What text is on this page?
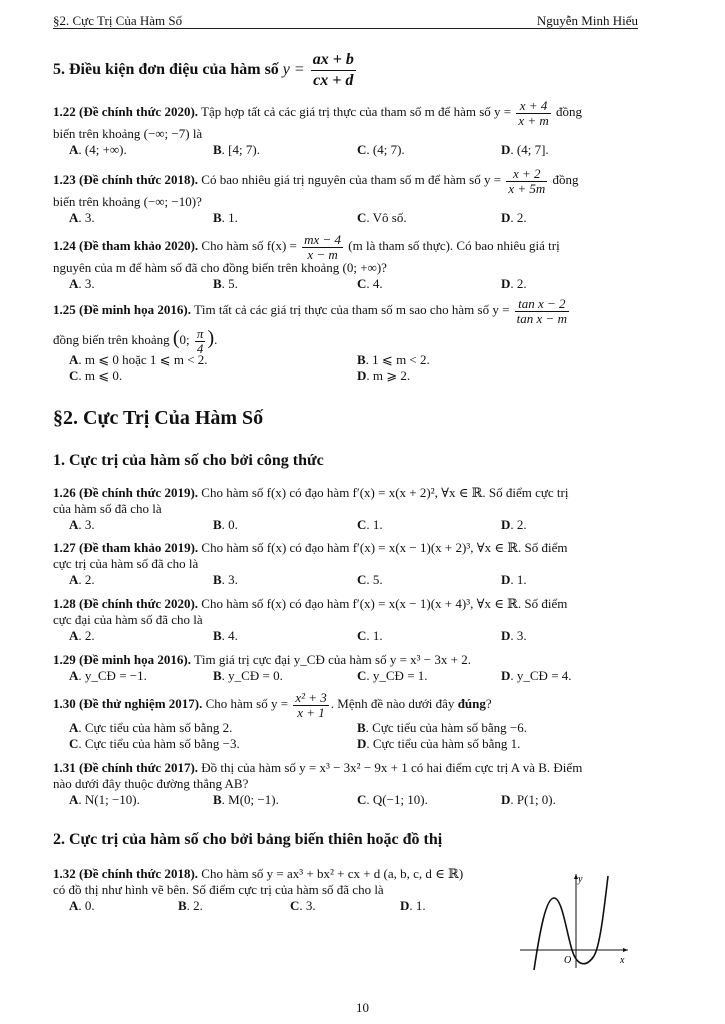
§2. Cực Trị Của Hàm Số	Nguyễn Minh Hiếu
5. Điều kiện đơn điệu của hàm số $y = \frac{ax + b}{cx + d}$
1.22 (Đề chính thức 2020). Tập hợp tất cả các giá trị thực của tham số m để hàm số $y = \frac{x + 4}{x + m}$ đồng
biến trên khoảng (−∞; −7) là
A. (4; +∞).	B. [4; 7).	C. (4; 7).	D. (4; 7].
1.23 (Đề chính thức 2018). Có bao nhiêu giá trị nguyên của tham số m để hàm số $y = \frac{x + 2}{x + 5m}$ đồng
biến trên khoảng (−∞; −10)?
A. 3.	B. 1.	C. Vô số.	D. 2.
1.24 (Đề tham khảo 2020). Cho hàm số $f(x) = \frac{mx - 4}{x - m} (m$ là tham số thực). Có bao nhiêu giá trị
nguyên của m để hàm số đã cho đồng biến trên khoảng (0; +∞)?
A. 3.	B. 5.	C. 4.	D. 2.
1.25 (Đề minh họa 2016). Tìm tất cả các giá trị thực của tham số m sao cho hàm số $y = \frac{\text{tan x − 2}}{\text{tan x − m}}$
đồng biến trên khoảng (0; $\frac{\pi}{4}$ ).
A. m ⩽ 0 hoặc 1 ⩽ m < 2.	B. 1 ⩽ m < 2.
C. m ⩽ 0.	D. m ⩾ 2.
§2. Cực Trị Của Hàm Số
1. Cực trị của hàm số cho bởi công thức
1.26 (Đề chính thức 2019). Cho hàm số f(x) có đạo hàm f′(x) = x(x + 2)², ∀x ∈ ℝ. Số điểm cực trị
của hàm số đã cho là
A. 3.	B. 0.	C. 1.	D. 2.
1.27 (Đề tham khảo 2019). Cho hàm số f(x) có đạo hàm f′(x) = x(x − 1)(x + 2)³, ∀x ∈ ℝ. Số điểm
cực trị của hàm số đã cho là
A. 2.	B. 3.	C. 5.	D. 1.
1.28 (Đề chính thức 2020). Cho hàm số f(x) có đạo hàm f′(x) = x(x − 1)(x + 4)³, ∀x ∈ ℝ. Số điểm
cực đại của hàm số đã cho là
A. 2.	B. 4.	C. 1.	D. 3.
1.29 (Đề minh họa 2016). Tìm giá trị cực đại y_CĐ của hàm số y = x³ − 3x + 2.
A. y_CĐ = −1.	B. y_CĐ = 0.	C. y_CĐ = 1.	D. y_CĐ = 4.
1.30 (Đề thử nghiệm 2017). Cho hàm số $y = \frac{\text{x² + 3}}{x + 1}$ . Mệnh đề nào dưới đây đúng?
A. Cực tiểu của hàm số bằng 2.	B. Cực tiểu của hàm số bằng −6.
C. Cực tiểu của hàm số bằng −3.	D. Cực tiểu của hàm số bằng 1.
1.31 (Đề chính thức 2017). Đồ thị của hàm số y = x³ − 3x² − 9x + 1 có hai điểm cực trị A và B. Điểm
nào dưới đây thuộc đường thẳng AB?
A. N(1; −10).	B. M(0; −1).	C. Q(−1; 10).	D. P(1; 0).
2. Cực trị của hàm số cho bởi bảng biến thiên hoặc đồ thị
1.32 (Đề chính thức 2018). Cho hàm số y = ax³ + bx² + cx + d (a, b, c, d ∈ ℝ)
có đồ thị như hình vẽ bên. Số điểm cực trị của hàm số đã cho là
A. 0.	B. 2.	C. 3.	D. 1.
y
x
O
10
